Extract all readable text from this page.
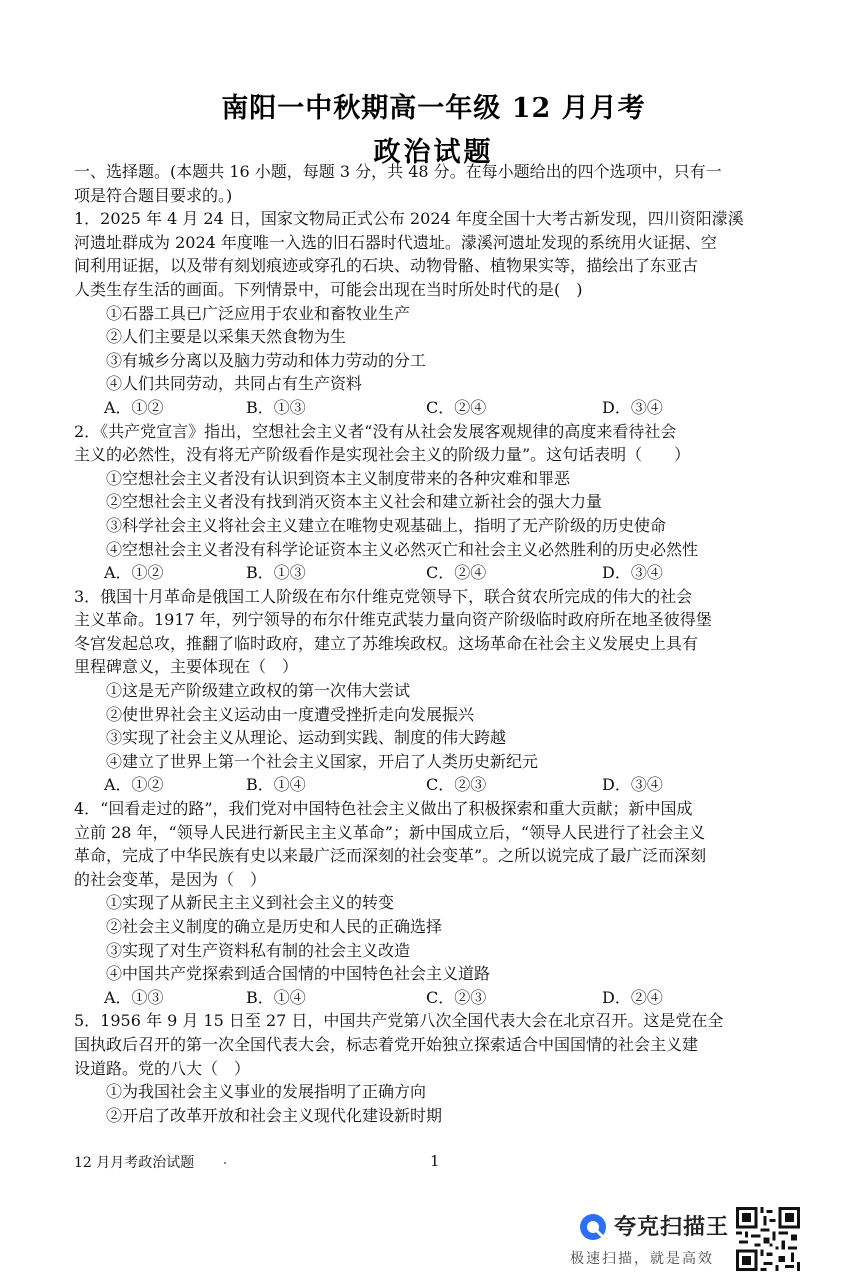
南阳一中秋期高一年级 12 月月考
政治试题

一、选择题。(本题共 16 小题，每题 3 分，共 48 分。在每小题给出的四个选项中，只有一
项是符合题目要求的。)

1．2025 年 4 月 24 日，国家文物局正式公布 2024 年度全国十大考古新发现，四川资阳濛溪
河遗址群成为 2024 年度唯一入选的旧石器时代遗址。濛溪河遗址发现的系统用火证据、空
间利用证据，以及带有刻划痕迹或穿孔的石块、动物骨骼、植物果实等，描绘出了东亚古
人类生存生活的画面。下列情景中，可能会出现在当时所处时代的是(　)

①石器工具已广泛应用于农业和畜牧业生产
②人们主要是以采集天然食物为生
③有城乡分离以及脑力劳动和体力劳动的分工
④人们共同劳动，共同占有生产资料
A．①②	B．①③	C．②④	D．③④

2．《共产党宣言》指出，空想社会主义者“没有从社会发展客观规律的高度来看待社会
主义的必然性，没有将无产阶级看作是实现社会主义的阶级力量”。这句话表明（　　）

①空想社会主义者没有认识到资本主义制度带来的各种灾难和罪恶
②空想社会主义者没有找到消灭资本主义社会和建立新社会的强大力量
③科学社会主义将社会主义建立在唯物史观基础上，指明了无产阶级的历史使命
④空想社会主义者没有科学论证资本主义必然灭亡和社会主义必然胜利的历史必然性
A．①②	B．①③	C．②④	D．③④

3．俄国十月革命是俄国工人阶级在布尔什维克党领导下，联合贫农所完成的伟大的社会
主义革命。1917 年，列宁领导的布尔什维克武装力量向资产阶级临时政府所在地圣彼得堡
冬宫发起总攻，推翻了临时政府，建立了苏维埃政权。这场革命在社会主义发展史上具有
里程碑意义，主要体现在（　）

①这是无产阶级建立政权的第一次伟大尝试
②使世界社会主义运动由一度遭受挫折走向发展振兴
③实现了社会主义从理论、运动到实践、制度的伟大跨越
④建立了世界上第一个社会主义国家，开启了人类历史新纪元
A．①②	B．①④	C．②③	D．③④

4．“回看走过的路”，我们党对中国特色社会主义做出了积极探索和重大贡献；新中国成
立前 28 年，“领导人民进行新民主主义革命”；新中国成立后，“领导人民进行了社会主义
革命，完成了中华民族有史以来最广泛而深刻的社会变革”。之所以说完成了最广泛而深刻
的社会变革，是因为（　）

①实现了从新民主主义到社会主义的转变
②社会主义制度的确立是历史和人民的正确选择
③实现了对生产资料私有制的社会主义改造
④中国共产党探索到适合国情的中国特色社会主义道路
A．①③	B．①④	C．②③	D．②④

5．1956 年 9 月 15 日至 27 日，中国共产党第八次全国代表大会在北京召开。这是党在全
国执政后召开的第一次全国代表大会，标志着党开始独立探索适合中国国情的社会主义建
设道路。党的八大（　）

①为我国社会主义事业的发展指明了正确方向
②开启了改革开放和社会主义现代化建设新时期
12 月月考政治试题	1
夸克扫描王
极速扫描，就是高效
